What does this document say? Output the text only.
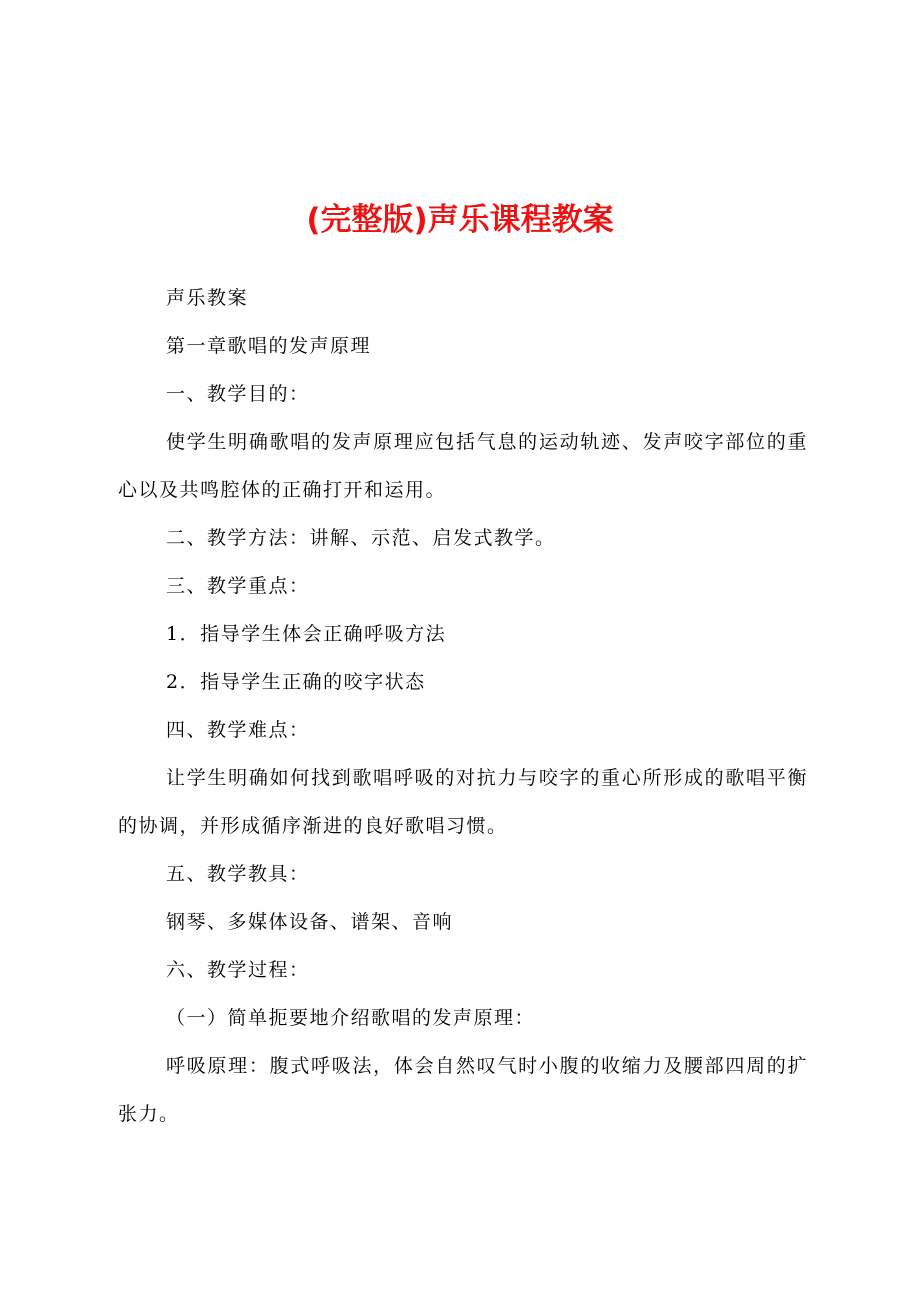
(完整版)声乐课程教案

声乐教案

第一章歌唱的发声原理

一、教学目的：

使学生明确歌唱的发声原理应包括气息的运动轨迹、发声咬字部位的重心以及共鸣腔体的正确打开和运用。

二、教学方法：讲解、示范、启发式教学。

三、教学重点：

1．指导学生体会正确呼吸方法

2．指导学生正确的咬字状态

四、教学难点：

让学生明确如何找到歌唱呼吸的对抗力与咬字的重心所形成的歌唱平衡的协调，并形成循序渐进的良好歌唱习惯。

五、教学教具：

钢琴、多媒体设备、谱架、音响

六、教学过程：

（一）简单扼要地介绍歌唱的发声原理：

呼吸原理：腹式呼吸法，体会自然叹气时小腹的收缩力及腰部四周的扩张力。
